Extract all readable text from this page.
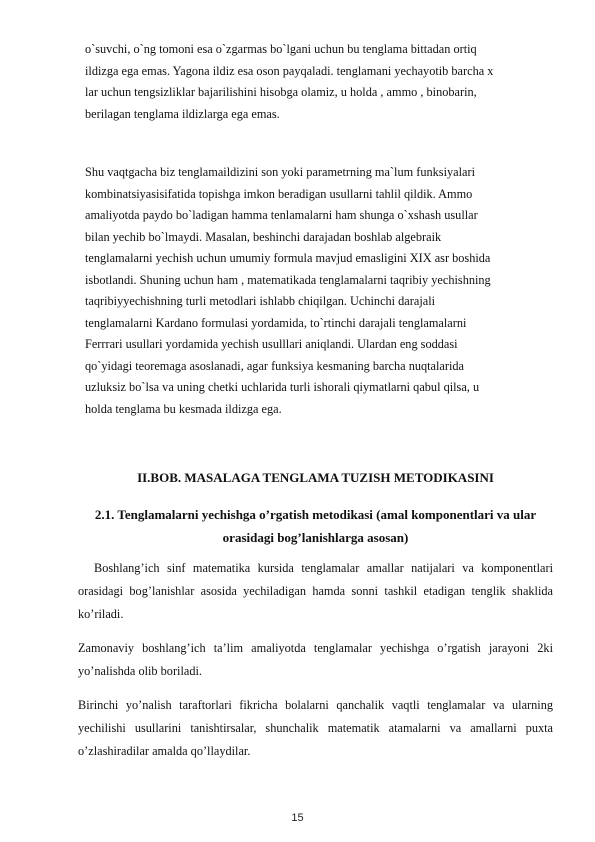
o`suvchi, o`ng tomoni esa o`zgarmas bo`lgani uchun bu tenglama bittadan ortiq
ildizga ega emas. Yagona ildiz esa oson payqaladi. tenglamani yechayotib barcha x
lar uchun tengsizliklar bajarilishini hisobga olamiz, u holda , ammo , binobarin,
berilagan tenglama ildizlarga ega emas.
Shu vaqtgacha biz tenglamaildizini son yoki parametrning ma`lum funksiyalari
kombinatsiyasisifatida topishga imkon beradigan usullarni tahlil qildik. Ammo
amaliyotda paydo bo`ladigan hamma tenlamalarni ham shunga o`xshash usullar
bilan yechib bo`lmaydi. Masalan, beshinchi darajadan boshlab algebraik
tenglamalarni yechish uchun umumiy formula mavjud emasligini XIX asr boshida
isbotlandi. Shuning uchun ham , matematikada tenglamalarni taqribiy yechishning
taqribiyyechishning turli metodlari ishlabb chiqilgan. Uchinchi darajali
tenglamalarni Kardano formulasi yordamida, to`rtinchi darajali tenglamalarni
Ferrrari usullari yordamida yechish usulllari aniqlandi. Ulardan eng soddasi
qo`yidagi teoremaga asoslanadi, agar funksiya kesmaning barcha nuqtalarida
uzluksiz bo`lsa va uning chetki uchlarida turli ishorali qiymatlarni qabul qilsa, u
holda tenglama bu kesmada ildizga ega.
II.BOB. MASALAGA TENGLAMA TUZISH METODIKASINI
2.1. Tenglamalarni yechishga o’rgatish metodikasi (amal komponentlari va ular orasidagi bog’lanishlarga asosan)
Boshlang’ich sinf matematika kursida tenglamalar amallar natijalari va komponentlari orasidagi bog’lanishlar asosida yechiladigan hamda sonni tashkil etadigan tenglik shaklida ko’riladi.
Zamonaviy boshlang’ich ta’lim amaliyotda tenglamalar yechishga o’rgatish jarayoni 2ki yo’nalishda olib boriladi.
Birinchi yo’nalish taraftorlari fikricha bolalarni qanchalik vaqtli tenglamalar va ularning yechilishi usullarini tanishtirsalar, shunchalik matematik atamalarni va amallarni puxta o’zlashiradilar amalda qo’llaydilar.
15
